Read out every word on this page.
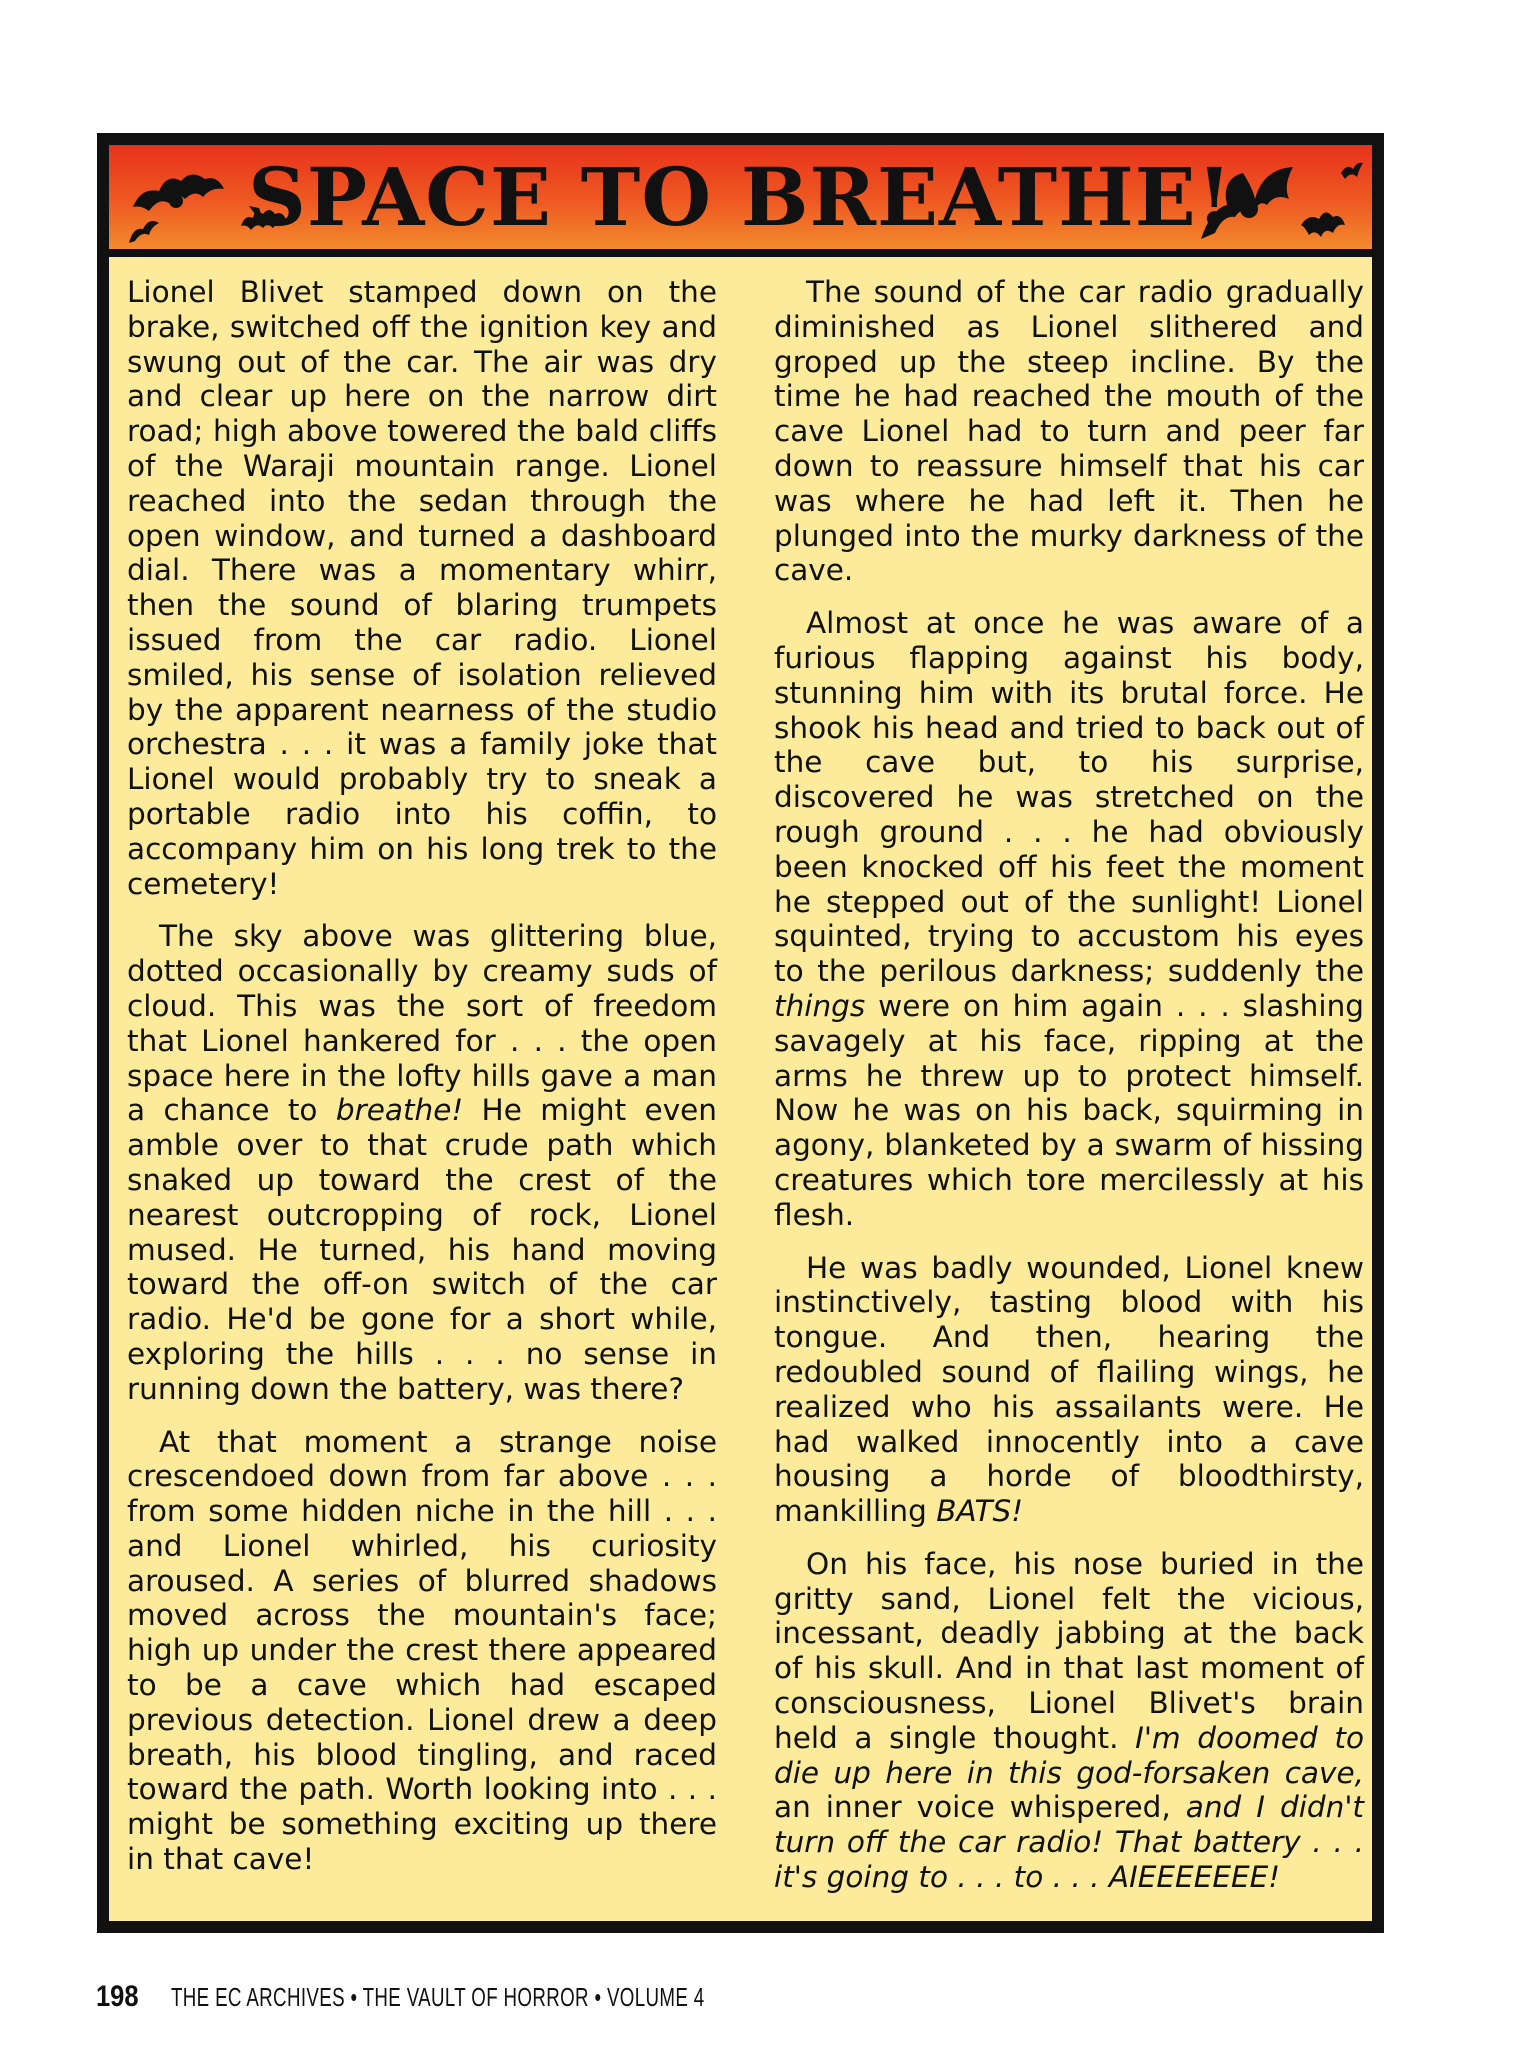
SPACE TO BREATHE!

Lionel Blivet stamped down on the brake, switched off the ignition key and swung out of the car. The air was dry and clear up here on the narrow dirt road; high above towered the bald cliffs of the Waraji mountain range. Lionel reached into the sedan through the open window, and turned a dashboard dial. There was a momentary whirr, then the sound of blaring trumpets issued from the car radio. Lionel smiled, his sense of isolation relieved by the apparent nearness of the studio orchestra . . . it was a family joke that Lionel would probably try to sneak a portable radio into his coffin, to accompany him on his long trek to the cemetery!

The sky above was glittering blue, dotted occasionally by creamy suds of cloud. This was the sort of freedom that Lionel hankered for . . . the open space here in the lofty hills gave a man a chance to breathe! He might even amble over to that crude path which snaked up toward the crest of the nearest outcropping of rock, Lionel mused. He turned, his hand moving toward the off-on switch of the car radio. He'd be gone for a short while, exploring the hills . . . no sense in running down the battery, was there?

At that moment a strange noise crescendoed down from far above . . . from some hidden niche in the hill . . . and Lionel whirled, his curiosity aroused. A series of blurred shadows moved across the mountain's face; high up under the crest there appeared to be a cave which had escaped previous detection. Lionel drew a deep breath, his blood tingling, and raced toward the path. Worth looking into . . . might be something exciting up there in that cave!

The sound of the car radio gradually diminished as Lionel slithered and groped up the steep incline. By the time he had reached the mouth of the cave Lionel had to turn and peer far down to reassure himself that his car was where he had left it. Then he plunged into the murky darkness of the cave.

Almost at once he was aware of a furious flapping against his body, stunning him with its brutal force. He shook his head and tried to back out of the cave but, to his surprise, discovered he was stretched on the rough ground . . . he had obviously been knocked off his feet the moment he stepped out of the sunlight! Lionel squinted, trying to accustom his eyes to the perilous darkness; suddenly the things were on him again . . . slashing savagely at his face, ripping at the arms he threw up to protect himself. Now he was on his back, squirming in agony, blanketed by a swarm of hissing creatures which tore mercilessly at his flesh.

He was badly wounded, Lionel knew instinctively, tasting blood with his tongue. And then, hearing the redoubled sound of flailing wings, he realized who his assailants were. He had walked innocently into a cave housing a horde of bloodthirsty, mankilling BATS!

On his face, his nose buried in the gritty sand, Lionel felt the vicious, incessant, deadly jabbing at the back of his skull. And in that last moment of consciousness, Lionel Blivet's brain held a single thought. I'm doomed to die up here in this god-forsaken cave, an inner voice whispered, and I didn't turn off the car radio! That battery . . . it's going to . . . to . . . AIEEEEEEE!

198 THE EC ARCHIVES • THE VAULT OF HORROR • VOLUME 4
